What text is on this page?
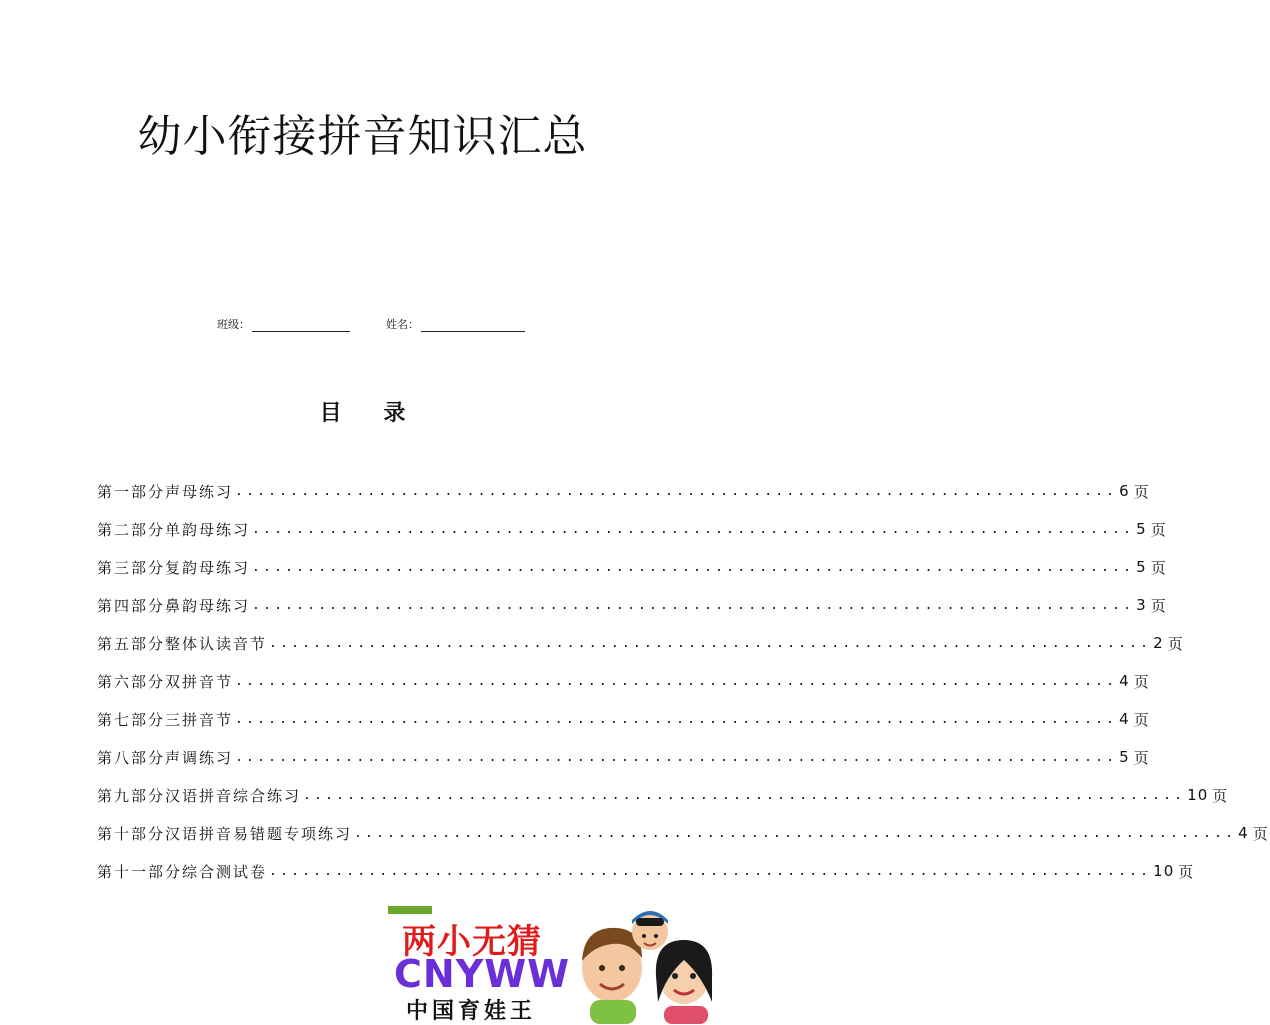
幼小衔接拼音知识汇总
班级：	姓名：
目 录
第一部分 声母练习 ................................................................................ 6 页
第二部分 单韵母练习 ................................................................................ 5 页
第三部分 复韵母练习 ................................................................................ 5 页
第四部分 鼻韵母练习 ................................................................................ 3 页
第五部分 整体认读音节 ................................................................................ 2 页
第六部分 双拼音节 ................................................................................ 4 页
第七部分 三拼音节 ................................................................................ 4 页
第八部分 声调练习 ................................................................................ 5 页
第九部分 汉语拼音综合练习 ................................................................................ 10 页
第十部分 汉语拼音易错题专项练习 ................................................................................ 4 页
第十一部分 综合测试卷 ................................................................................ 10 页
两小无猜
CNYWW
中国育娃王
